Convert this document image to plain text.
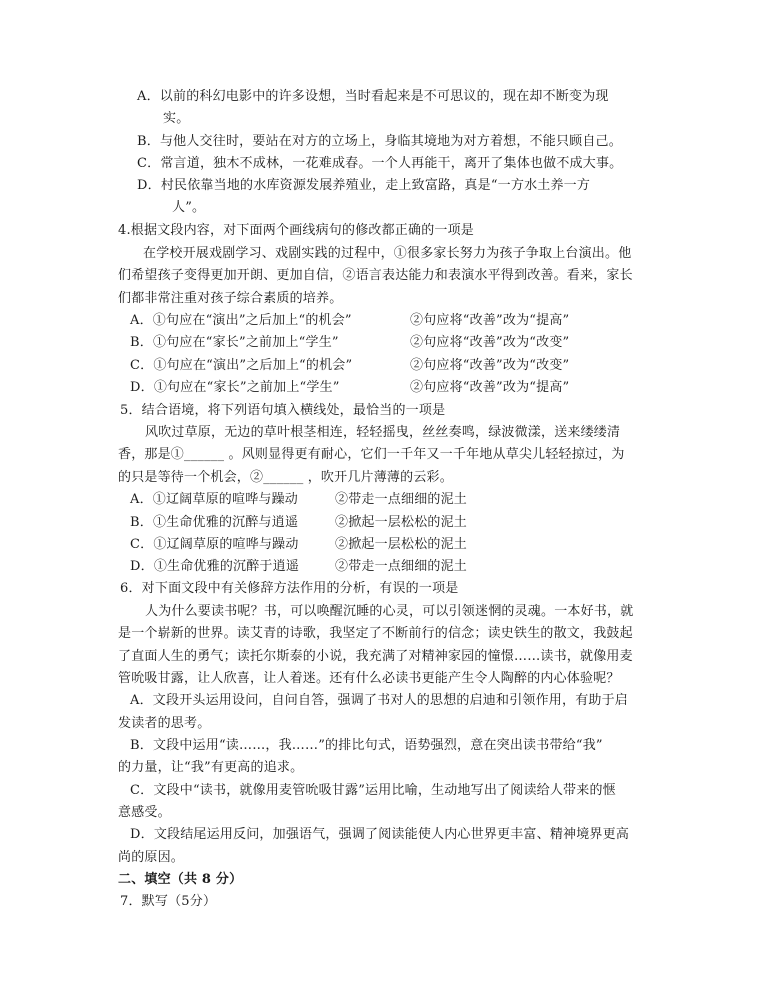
A．以前的科幻电影中的许多设想，当时看起来是不可思议的，现在却不断变为现
实。
B．与他人交往时，要站在对方的立场上，身临其境地为对方着想，不能只顾自己。
C．常言道，独木不成林，一花难成春。一个人再能干，离开了集体也做不成大事。
D．村民依靠当地的水库资源发展养殖业，走上致富路，真是“一方水土养一方
人”。
4.根据文段内容，对下面两个画线病句的修改都正确的一项是
在学校开展戏剧学习、戏剧实践的过程中，①很多家长努力为孩子争取上台演出。他
们希望孩子变得更加开朗、更加自信，②语言表达能力和表演水平得到改善。看来，家长
们都非常注重对孩子综合素质的培养。
A．①句应在“演出”之后加上“的机会”	②句应将“改善”改为“提高”
B．①句应在“家长”之前加上“学生”	②句应将“改善”改为“改变”
C．①句应在“演出”之后加上“的机会”	②句应将“改善”改为“改变”
D．①句应在“家长”之前加上“学生”	②句应将“改善”改为“提高”
5．结合语境，将下列语句填入横线处，最恰当的一项是
风吹过草原，无边的草叶根茎相连，轻轻摇曳，丝丝奏鸣，绿波微漾，送来缕缕清
香，那是①______ 。风则显得更有耐心，它们一千年又一千年地从草尖儿轻轻掠过，为
的只是等待一个机会，②______ ，吹开几片薄薄的云彩。
A．①辽阔草原的喧哗与躁动	②带走一点细细的泥土
B．①生命优雅的沉醉与逍遥	②掀起一层松松的泥土
C．①辽阔草原的喧哗与躁动	②掀起一层松松的泥土
D．①生命优雅的沉醉于逍遥	②带走一点细细的泥土
6．对下面文段中有关修辞方法作用的分析，有误的一项是
人为什么要读书呢？书，可以唤醒沉睡的心灵，可以引领迷惘的灵魂。一本好书，就
是一个崭新的世界。读艾青的诗歌，我坚定了不断前行的信念；读史铁生的散文，我鼓起
了直面人生的勇气；读托尔斯泰的小说，我充满了对精神家园的憧憬……读书，就像用麦
管吮吸甘露，让人欣喜，让人着迷。还有什么必读书更能产生令人陶醉的内心体验呢？
A．文段开头运用设问，自问自答，强调了书对人的思想的启迪和引领作用，有助于启
发读者的思考。
B．文段中运用“读……，我……”的排比句式，语势强烈，意在突出读书带给“我”
的力量，让“我”有更高的追求。
C．文段中“读书，就像用麦管吮吸甘露”运用比喻，生动地写出了阅读给人带来的惬
意感受。
D．文段结尾运用反问，加强语气，强调了阅读能使人内心世界更丰富、精神境界更高
尚的原因。
二、填空（共 8 分）
7．默写（5分）
